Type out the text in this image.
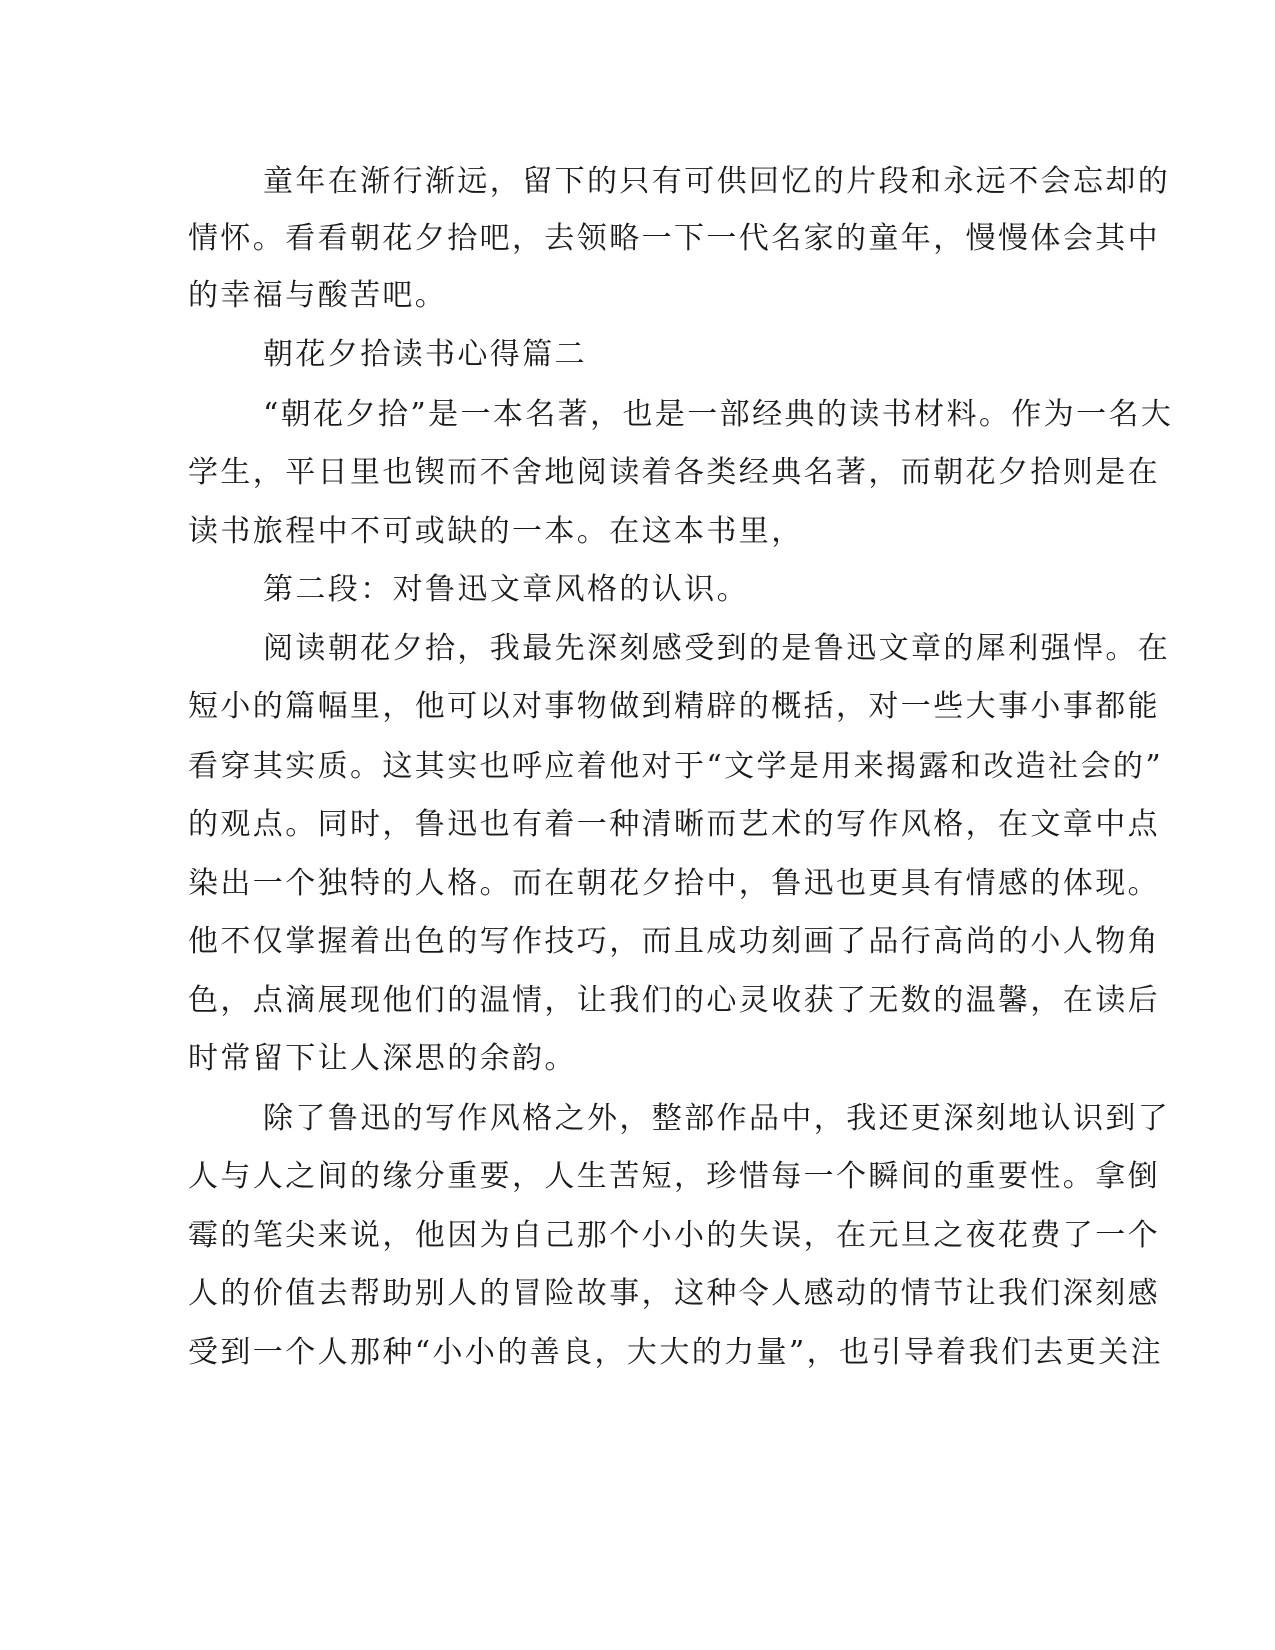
童年在渐行渐远，留下的只有可供回忆的片段和永远不会忘却的
情怀。看看朝花夕拾吧，去领略一下一代名家的童年，慢慢体会其中
的幸福与酸苦吧。
朝花夕拾读书心得篇二
“朝花夕拾”是一本名著，也是一部经典的读书材料。作为一名大
学生，平日里也锲而不舍地阅读着各类经典名著，而朝花夕拾则是在
读书旅程中不可或缺的一本。在这本书里，
第二段：对鲁迅文章风格的认识。
阅读朝花夕拾，我最先深刻感受到的是鲁迅文章的犀利强悍。在
短小的篇幅里，他可以对事物做到精辟的概括，对一些大事小事都能
看穿其实质。这其实也呼应着他对于“文学是用来揭露和改造社会的”
的观点。同时，鲁迅也有着一种清晰而艺术的写作风格，在文章中点
染出一个独特的人格。而在朝花夕拾中，鲁迅也更具有情感的体现。
他不仅掌握着出色的写作技巧，而且成功刻画了品行高尚的小人物角
色，点滴展现他们的温情，让我们的心灵收获了无数的温馨，在读后
时常留下让人深思的余韵。
除了鲁迅的写作风格之外，整部作品中，我还更深刻地认识到了
人与人之间的缘分重要，人生苦短，珍惜每一个瞬间的重要性。拿倒
霉的笔尖来说，他因为自己那个小小的失误，在元旦之夜花费了一个
人的价值去帮助别人的冒险故事，这种令人感动的情节让我们深刻感
受到一个人那种“小小的善良，大大的力量”，也引导着我们去更关注
